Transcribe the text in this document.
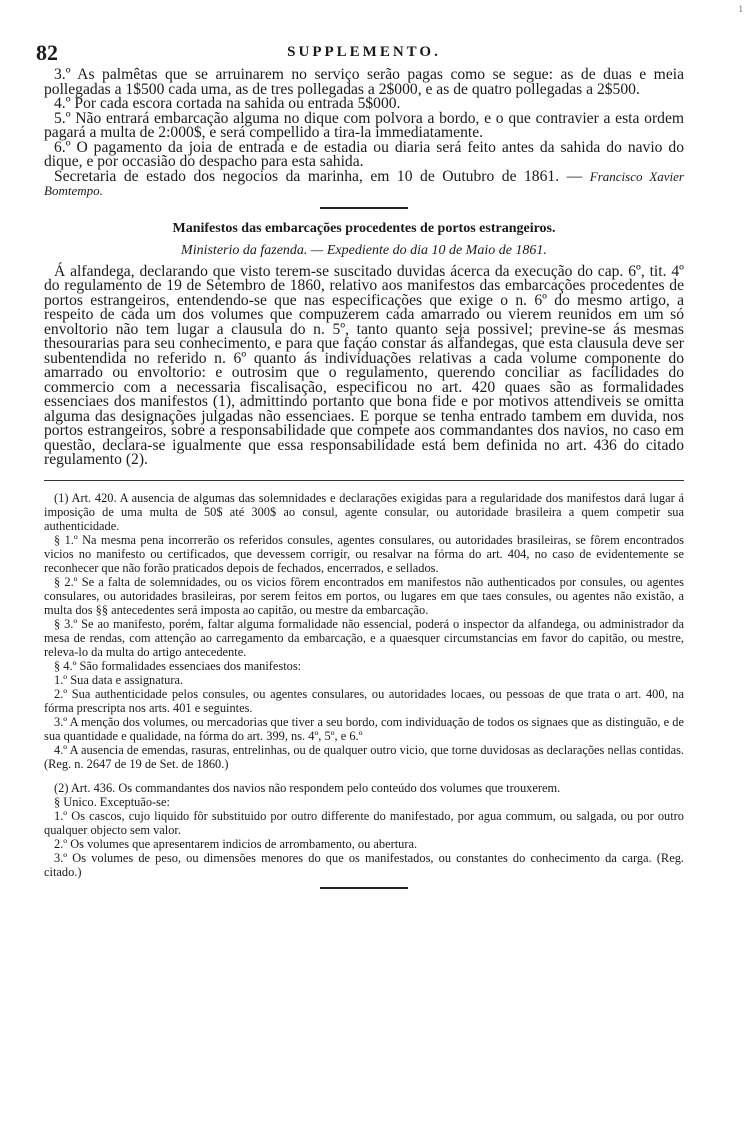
1
82	SUPPLEMENTO.

3.º As palmêtas que se arruinarem no serviço serão pagas como se segue: as de duas e meia pollegadas a 1$500 cada uma, as de tres pollegadas a 2$000, e as de quatro pollegadas a 2$500.

4.º Por cada escora cortada na sahida ou entrada 5$000.

5.º Não entrará embarcação alguma no dique com polvora a bordo, e o que contravier a esta ordem pagará a multa de 2:000$, e será compellido a tira-la immediatamente.

6.º O pagamento da joia de entrada e de estadia ou diaria será feito antes da sahida do navio do dique, e por occasião do despacho para esta sahida.

Secretaria de estado dos negocios da marinha, em 10 de Outubro de 1861. — Francisco Xavier Bomtempo.

Manifestos das embarcações procedentes de portos estrangeiros.
Ministerio da fazenda. — Expediente do dia 10 de Maio de 1861.

Á alfandega, declarando que visto terem-se suscitado duvidas ácerca da execução do cap. 6º, tit. 4º do regulamento de 19 de Setembro de 1860, relativo aos manifestos das embarcações procedentes de portos estrangeiros, entendendo-se que nas especificações que exige o n. 6º do mesmo artigo, a respeito de cada um dos volumes que compuzerem cada amarrado ou vierem reunidos em um só envoltorio não tem lugar a clausula do n. 5º, tanto quanto seja possivel; previne-se ás mesmas thesourarias para seu conhecimento, e para que façáo constar ás alfandegas, que esta clausula deve ser subentendida no referido n. 6º quanto ás individuações relativas a cada volume componente do amarrado ou envoltorio: e outrosim que o regulamento, querendo conciliar as facilidades do commercio com a necessaria fiscalisação, especificou no art. 420 quaes são as formalidades essenciaes dos manifestos (1), admittindo portanto que bona fide e por motivos attendiveis se omitta alguma das designações julgadas não essenciaes. E porque se tenha entrado tambem em duvida, nos portos estrangeiros, sobre a responsabilidade que compete aos commandantes dos navios, no caso em questão, declara-se igualmente que essa responsabilidade está bem definida no art. 436 do citado regulamento (2).

(1) Art. 420. A ausencia de algumas das solemnidades e declarações exigidas para a regularidade dos manifestos dará lugar á imposição de uma multa de 50$ até 300$ ao consul, agente consular, ou autoridade brasileira a quem competir sua authenticidade.

§ 1.º Na mesma pena incorrerão os referidos consules, agentes consulares, ou autoridades brasileiras, se fôrem encontrados vicios no manifesto ou certificados, que devessem corrigir, ou resalvar na fórma do art. 404, no caso de evidentemente se reconhecer que não forão praticados depois de fechados, encerrados, e sellados.

§ 2.º Se a falta de solemnidades, ou os vicios fôrem encontrados em manifestos não authenticados por consules, ou agentes consulares, ou autoridades brasileiras, por serem feitos em portos, ou lugares em que taes consules, ou agentes não existão, a multa dos §§ antecedentes será imposta ao capitão, ou mestre da embarcação.

§ 3.º Se ao manifesto, porém, faltar alguma formalidade não essencial, poderá o inspector da alfandega, ou administrador da mesa de rendas, com attenção ao carregamento da embarcação, e a quaesquer circumstancias em favor do capitão, ou mestre, releva-lo da multa do artigo antecedente.

§ 4.º São formalidades essenciaes dos manifestos:

1.º Sua data e assignatura.

2.º Sua authenticidade pelos consules, ou agentes consulares, ou autoridades locaes, ou pessoas de que trata o art. 400, na fórma prescripta nos arts. 401 e seguintes.

3.º A menção dos volumes, ou mercadorias que tiver a seu bordo, com individuação de todos os signaes que as distinguão, e de sua quantidade e qualidade, na fórma do art. 399, ns. 4º, 5º, e 6.º

4.º A ausencia de emendas, rasuras, entrelinhas, ou de qualquer outro vicio, que torne duvidosas as declarações nellas contidas. (Reg. n. 2647 de 19 de Set. de 1860.)

(2) Art. 436. Os commandantes dos navios não respondem pelo conteúdo dos volumes que trouxerem.

§ Unico. Exceptuão-se:

1.º Os cascos, cujo liquido fôr substituido por outro differente do manifestado, por agua commum, ou salgada, ou por outro qualquer objecto sem valor.

2.º Os volumes que apresentarem indicios de arrombamento, ou abertura.

3.º Os volumes de peso, ou dimensões menores do que os manifestados, ou constantes do conhecimento da carga. (Reg. citado.)
